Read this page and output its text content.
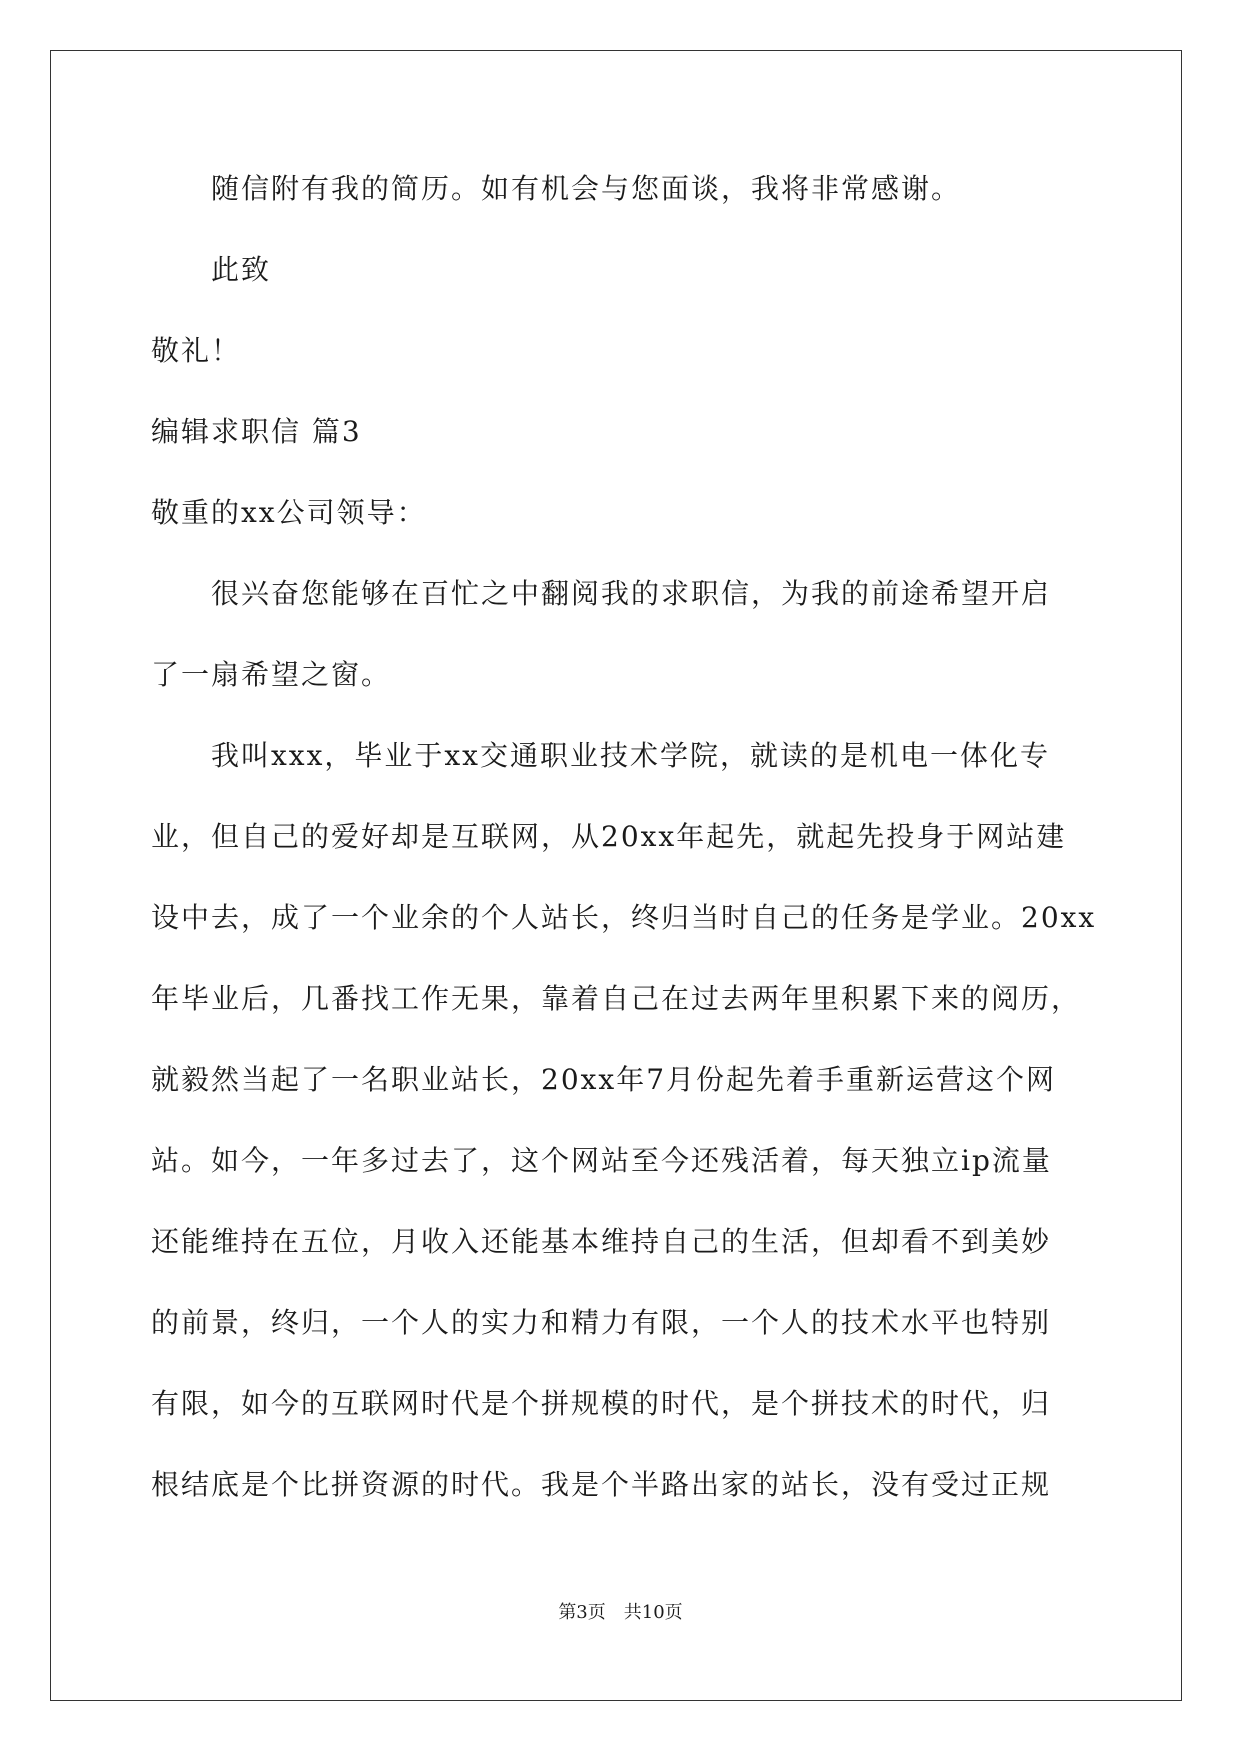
　　随信附有我的简历。如有机会与您面谈，我将非常感谢。
　　此致
敬礼！
编辑求职信 篇3
敬重的xx公司领导：
　　很兴奋您能够在百忙之中翻阅我的求职信，为我的前途希望开启
了一扇希望之窗。
　　我叫xxx，毕业于xx交通职业技术学院，就读的是机电一体化专
业，但自己的爱好却是互联网，从20xx年起先，就起先投身于网站建
设中去，成了一个业余的个人站长，终归当时自己的任务是学业。20xx
年毕业后，几番找工作无果，靠着自己在过去两年里积累下来的阅历，
就毅然当起了一名职业站长，20xx年7月份起先着手重新运营这个网
站。如今，一年多过去了，这个网站至今还残活着，每天独立ip流量
还能维持在五位，月收入还能基本维持自己的生活，但却看不到美妙
的前景，终归，一个人的实力和精力有限，一个人的技术水平也特别
有限，如今的互联网时代是个拼规模的时代，是个拼技术的时代，归
根结底是个比拼资源的时代。我是个半路出家的站长，没有受过正规
第3页 共10页
